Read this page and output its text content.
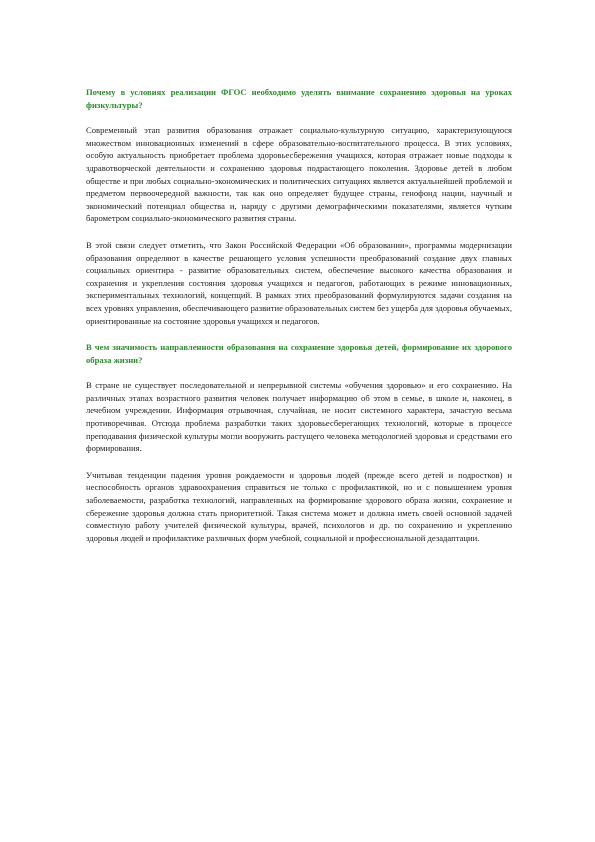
Почему в условиях реализации ФГОС необходимо уделять внимание сохранению здоровья на уроках физкультуры?

Современный этап развития образования отражает социально-культурную ситуацию, характеризующуюся множеством инновационных изменений в сфере образовательно-воспитательного процесса. В этих условиях, особую актуальность приобретает проблема здоровьесбережения учащихся, которая отражает новые подходы к здравотворческой деятельности и сохранению здоровья подрастающего поколения. Здоровье детей в любом обществе и при любых социально-экономических и политических ситуациях является актуальнейшей проблемой и предметом первоочередной важности, так как оно определяет будущее страны, генофонд нации, научный и экономический потенциал общества и, наряду с другими демографическими показателями, является чутким барометром социально-экономического развития страны.

В этой связи следует отметить, что Закон Российской Федерации «Об образовании», программы модернизации образования определяют в качестве решающего условия успешности преобразований создание двух главных социальных ориентира - развитие образовательных систем, обеспечение высокого качества образования и сохранения и укрепления состояния здоровья учащихся и педагогов, работающих в режиме инновационных, экспериментальных технологий, концепций. В рамках этих преобразований формулируются задачи создания на всех уровнях управления, обеспечивающего развитие образовательных систем без ущерба для здоровья обучаемых, ориентированные на состояние здоровья учащихся и педагогов.

В чем значимость направленности образования на сохранение здоровья детей, формирование их здорового образа жизни?

В стране не существует последовательной и непрерывной системы «обучения здоровью» и его сохранению. На различных этапах возрастного развития человек получает информацию об этом в семье, в школе и, наконец, в лечебном учреждении. Информация отрывочная, случайная, не носит системного характера, зачастую весьма противоречивая. Отсюда проблема разработки таких здоровьесберегающих технологий, которые в процессе преподавания физической культуры могли вооружить растущего человека методологией здоровья и средствами его формирования.

Учитывая тенденции падения уровня рождаемости и здоровья людей (прежде всего детей и подростков) и неспособность органов здравоохранения справиться не только с профилактикой, но и с повышением уровня заболеваемости, разработка технологий, направленных на формирование здорового образа жизни, сохранение и сбережение здоровья должна стать приоритетной. Такая система может и должна иметь своей основной задачей совместную работу учителей физической культуры, врачей, психологов и др. по сохранению и укреплению здоровья людей и профилактике различных форм учебной, социальной и профессиональной дезадаптации.
